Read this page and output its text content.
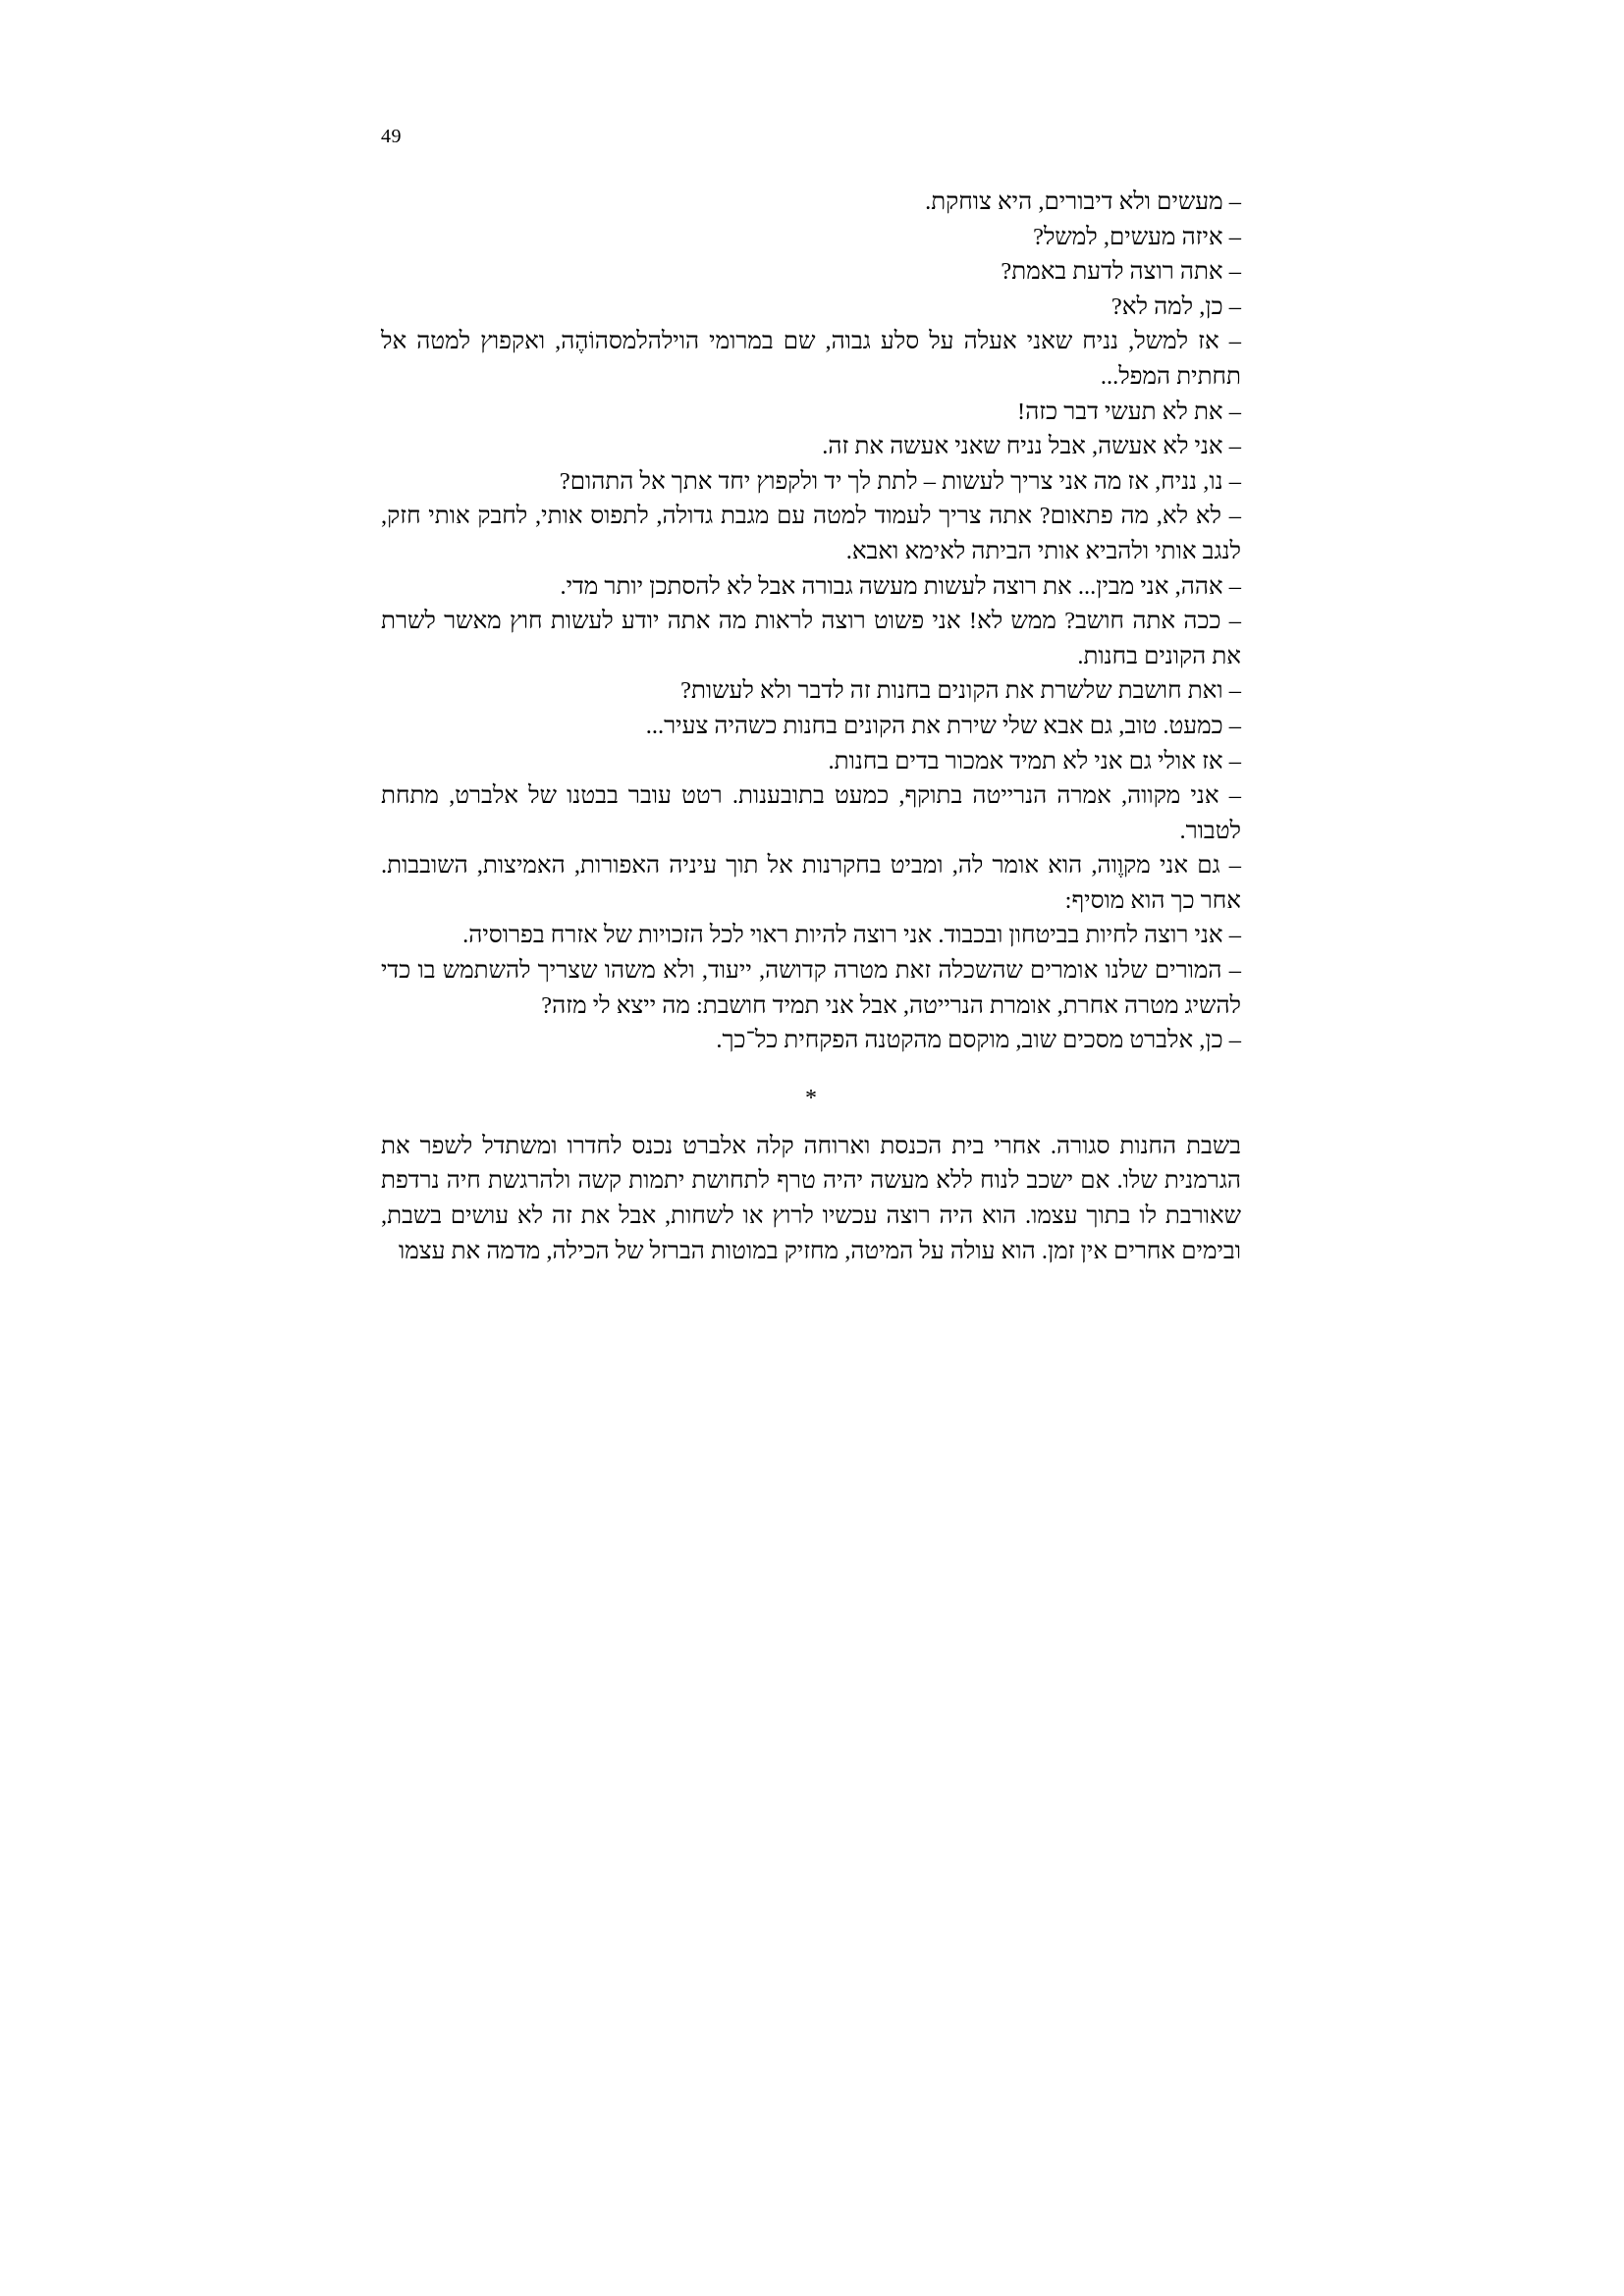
49

– מעשים ולא דיבורים, היא צוחקת.

– איזה מעשים, למשל?

– אתה רוצה לדעת באמת?

– כן, למה לא?

– אז למשל, נניח שאני אעלה על סלע גבוה, שם במרומי הוילהלמסהוֹהֶה, ואקפוץ למטה אל תחתית המפל...

– את לא תעשי דבר כזה!

– אני לא אעשה, אבל נניח שאני אעשה את זה.

– נו, נניח, אז מה אני צריך לעשות – לתת לך יד ולקפוץ יחד אתך אל התהום?

– לא לא, מה פתאום? אתה צריך לעמוד למטה עם מגבת גדולה, לתפוס אותי, לחבק אותי חזק, לנגב אותי ולהביא אותי הביתה לאימא ואבא.

– אהה, אני מבין... את רוצה לעשות מעשה גבורה אבל לא להסתכן יותר מדי.

– ככה אתה חושב? ממש לא! אני פשוט רוצה לראות מה אתה יודע לעשות חוץ מאשר לשרת את הקונים בחנות.

– ואת חושבת שלשרת את הקונים בחנות זה לדבר ולא לעשות?

– כמעט. טוב, גם אבא שלי שירת את הקונים בחנות כשהיה צעיר...

– אז אולי גם אני לא תמיד אמכור בדים בחנות.

– אני מקווה, אמרה הנרייטה בתוקף, כמעט בתובענות. רטט עובר בבטנו של אלברט, מתחת לטבור.

– גם אני מקוֶוה, הוא אומר לה, ומביט בחקרנות אל תוך עיניה האפורות, האמיצות, השובבות. אחר כך הוא מוסיף:

– אני רוצה לחיות בביטחון ובכבוד. אני רוצה להיות ראוי לכל הזכויות של אזרח בפרוסיה.

– המורים שלנו אומרים שהשכלה זאת מטרה קדושה, ייעוד, ולא משהו שצריך להשתמש בו כדי להשיג מטרה אחרת, אומרת הנרייטה, אבל אני תמיד חושבת: מה ייצא לי מזה?

– כן, אלברט מסכים שוב, מוקסם מהקטנה הפקחית כל־כך.

*

בשבת החנות סגורה. אחרי בית הכנסת וארוחה קלה אלברט נכנס לחדרו ומשתדל לשפר את הגרמנית שלו. אם ישכב לנוח ללא מעשה יהיה טרף לתחושת יתמות קשה ולהרגשת חיה נרדפת שאורבת לו בתוך עצמו. הוא היה רוצה עכשיו לרוץ או לשחות, אבל את זה לא עושים בשבת, ובימים אחרים אין זמן. הוא עולה על המיטה, מחזיק במוטות הברזל של הכילה, מדמה את עצמו
